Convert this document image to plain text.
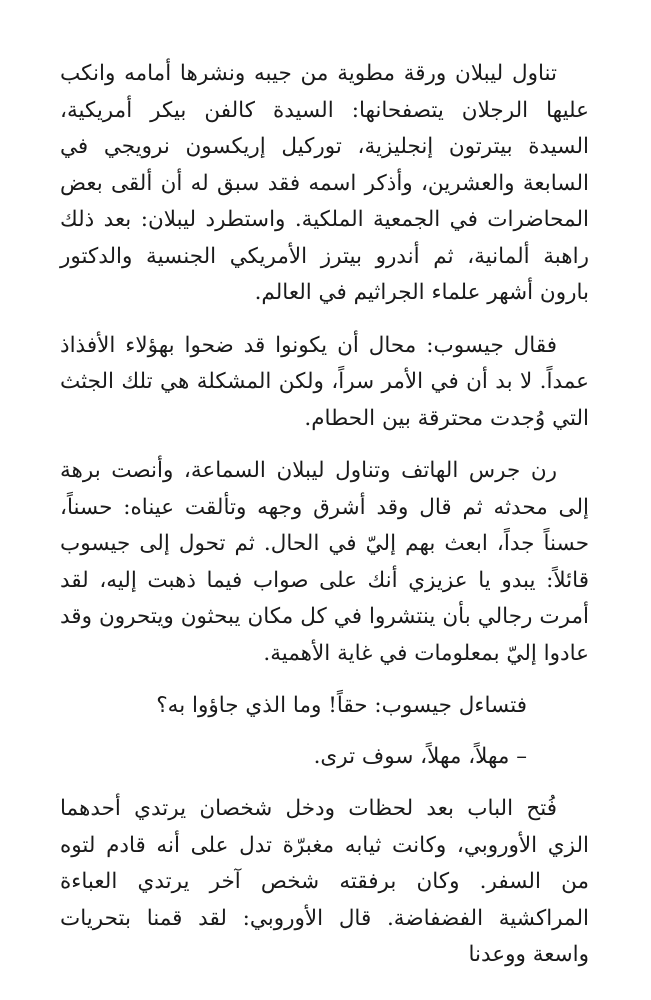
تناول ليبلان ورقة مطوية من جيبه ونشرها أمامه وانكب عليها الرجلان يتصفحانها: السيدة كالفن بيكر أمريكية، السيدة بيترتون إنجليزية، توركيل إريكسون نرويجي في السابعة والعشرين، وأذكر اسمه فقد سبق له أن ألقى بعض المحاضرات في الجمعية الملكية. واستطرد ليبلان: بعد ذلك راهبة ألمانية، ثم أندرو بيترز الأمريكي الجنسية والدكتور بارون أشهر علماء الجراثيم في العالم.

فقال جيسوب: محال أن يكونوا قد ضحوا بهؤلاء الأفذاذ عمداً. لا بد أن في الأمر سراً، ولكن المشكلة هي تلك الجثث التي وُجدت محترقة بين الحطام.

رن جرس الهاتف وتناول ليبلان السماعة، وأنصت برهة إلى محدثه ثم قال وقد أشرق وجهه وتألقت عيناه: حسناً، حسناً جداً، ابعث بهم إليّ في الحال. ثم تحول إلى جيسوب قائلاً: يبدو يا عزيزي أنك على صواب فيما ذهبت إليه، لقد أمرت رجالي بأن ينتشروا في كل مكان يبحثون ويتحرون وقد عادوا إليّ بمعلومات في غاية الأهمية.

فتساءل جيسوب: حقاً! وما الذي جاؤوا به؟

– مهلاً، مهلاً، سوف ترى.

فُتح الباب بعد لحظات ودخل شخصان يرتدي أحدهما الزي الأوروبي، وكانت ثيابه مغبرّة تدل على أنه قادم لتوه من السفر. وكان برفقته شخص آخر يرتدي العباءة المراكشية الفضفاضة. قال الأوروبي: لقد قمنا بتحريات واسعة ووعدنا
